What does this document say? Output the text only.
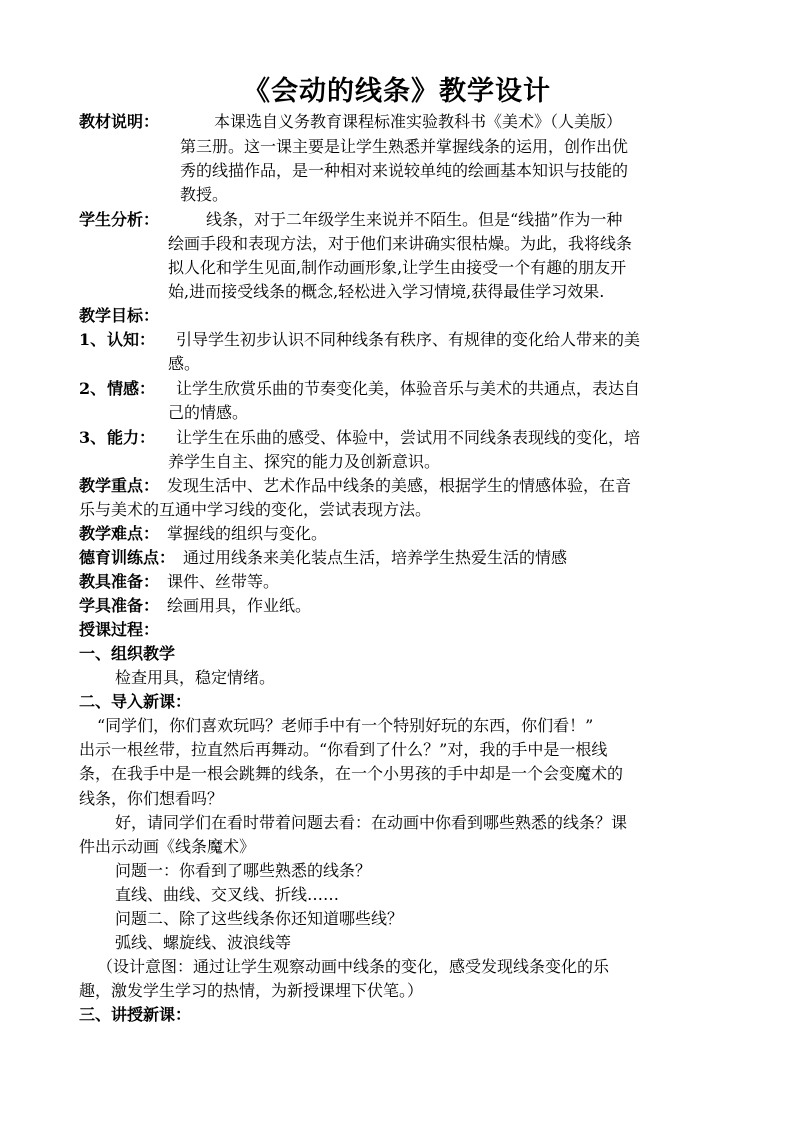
《会动的线条》教学设计
教材说明：	本课选自义务教育课程标准实验教科书《美术》（人美版）
第三册。这一课主要是让学生熟悉并掌握线条的运用，创作出优
秀的线描作品，是一种相对来说较单纯的绘画基本知识与技能的
教授。
学生分析：	线条，对于二年级学生来说并不陌生。但是“线描”作为一种
绘画手段和表现方法，对于他们来讲确实很枯燥。为此，我将线条
拟人化和学生见面,制作动画形象,让学生由接受一个有趣的朋友开
始,进而接受线条的概念,轻松进入学习情境,获得最佳学习效果.
教学目标：
1、 认知： 引导学生初步认识不同种线条有秩序、有规律的变化给人带来的美
感。
2、 情感： 让学生欣赏乐曲的节奏变化美，体验音乐与美术的共通点，表达自
己的情感。
3、 能力： 让学生在乐曲的感受、体验中，尝试用不同线条表现线的变化，培
养学生自主、探究的能力及创新意识。
教学重点： 发现生活中、艺术作品中线条的美感，根据学生的情感体验，在音
乐与美术的互通中学习线的变化，尝试表现方法。
教学难点： 掌握线的组织与变化。
德育训练点： 通过用线条来美化装点生活，培养学生热爱生活的情感
教具准备： 课件、丝带等。
学具准备： 绘画用具，作业纸。
授课过程：
一、组织教学
检查用具，稳定情绪。
二、导入新课：
“同学们，你们喜欢玩吗？老师手中有一个特别好玩的东西，你们看！”
出示一根丝带，拉直然后再舞动。“你看到了什么？”对，我的手中是一根线
条，在我手中是一根会跳舞的线条，在一个小男孩的手中却是一个会变魔术的
线条，你们想看吗？
好，请同学们在看时带着问题去看：在动画中你看到哪些熟悉的线条？课
件出示动画《线条魔术》
问题一：你看到了哪些熟悉的线条？
直线、曲线、交叉线、折线……
问题二、除了这些线条你还知道哪些线？
弧线、螺旋线、波浪线等
（设计意图：通过让学生观察动画中线条的变化，感受发现线条变化的乐
趣，激发学生学习的热情，为新授课埋下伏笔。）
三、讲授新课：
